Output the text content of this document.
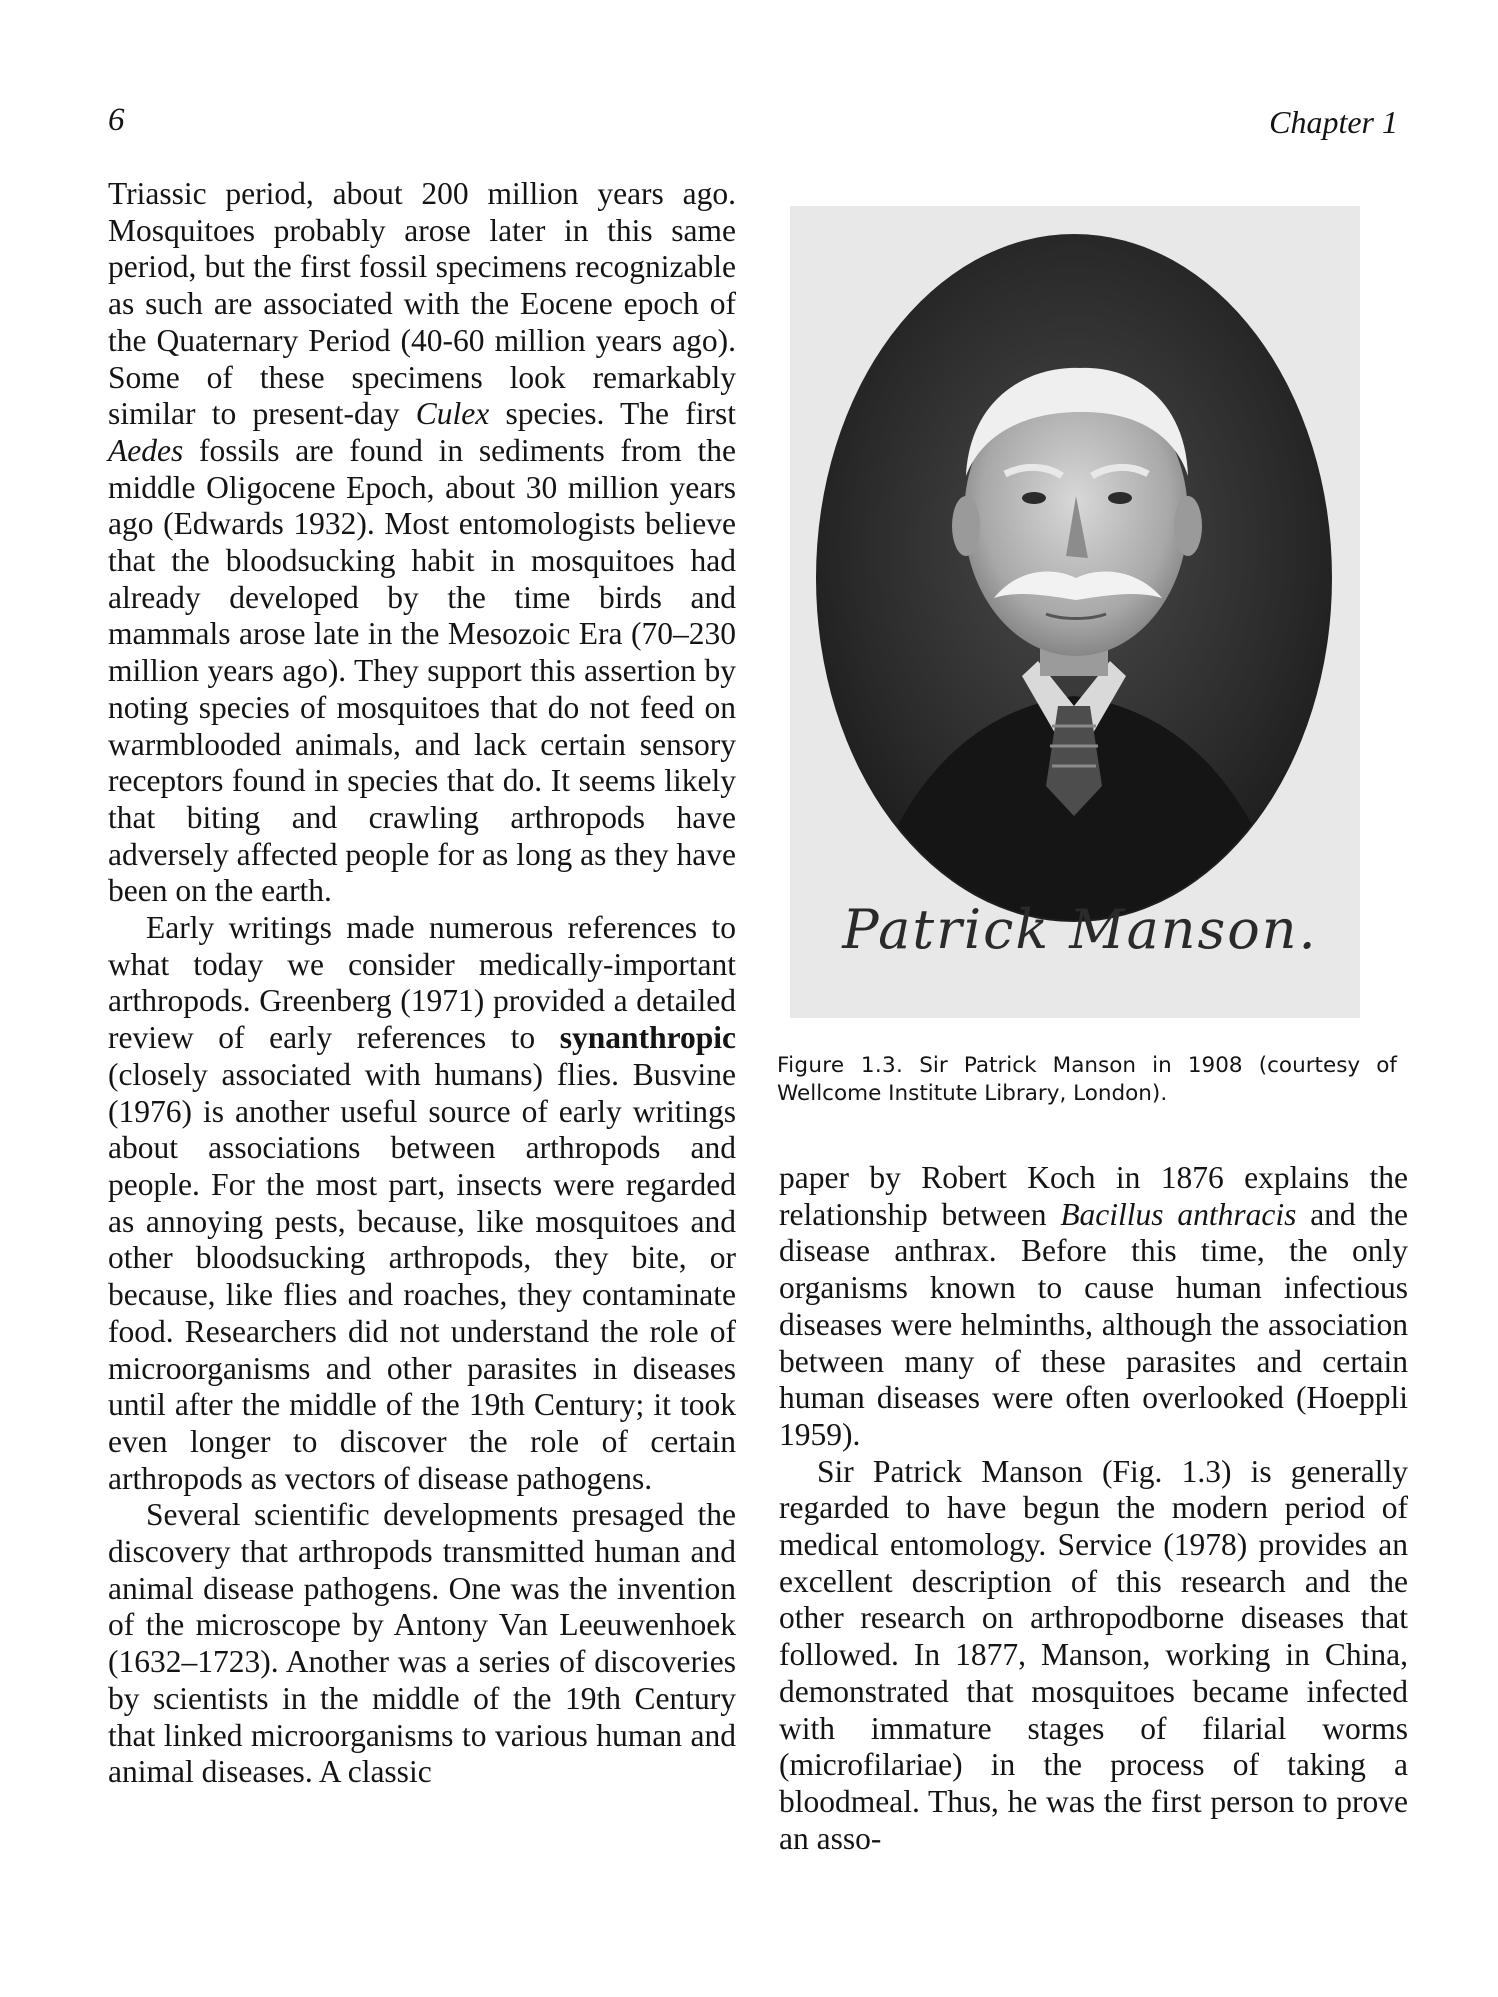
6	Chapter 1

Triassic period, about 200 million years ago. Mosquitoes probably arose later in this same period, but the first fossil specimens recognizable as such are associated with the Eocene epoch of the Quaternary Period (40-60 million years ago). Some of these specimens look remarkably similar to present-day Culex species. The first Aedes fossils are found in sediments from the middle Oligocene Epoch, about 30 million years ago (Edwards 1932). Most entomologists believe that the bloodsucking habit in mosquitoes had already developed by the time birds and mammals arose late in the Mesozoic Era (70–230 million years ago). They support this assertion by noting species of mosquitoes that do not feed on warmblooded animals, and lack certain sensory receptors found in species that do. It seems likely that biting and crawling arthropods have adversely affected people for as long as they have been on the earth.

Early writings made numerous references to what today we consider medically-important arthropods. Greenberg (1971) provided a detailed review of early references to synanthropic (closely associated with humans) flies. Busvine (1976) is another useful source of early writings about associations between arthropods and people. For the most part, insects were regarded as annoying pests, because, like mosquitoes and other bloodsucking arthropods, they bite, or because, like flies and roaches, they contaminate food. Researchers did not understand the role of microorganisms and other parasites in diseases until after the middle of the 19th Century; it took even longer to discover the role of certain arthropods as vectors of disease pathogens.

Several scientific developments presaged the discovery that arthropods transmitted human and animal disease pathogens. One was the invention of the microscope by Antony Van Leeuwenhoek (1632–1723). Another was a series of discoveries by scientists in the middle of the 19th Century that linked microorganisms to various human and animal diseases. A classic

Patrick Manson.
Figure 1.3. Sir Patrick Manson in 1908 (courtesy of Wellcome Institute Library, London).

paper by Robert Koch in 1876 explains the relationship between Bacillus anthracis and the disease anthrax. Before this time, the only organisms known to cause human infectious diseases were helminths, although the association between many of these parasites and certain human diseases were often overlooked (Hoeppli 1959).

Sir Patrick Manson (Fig. 1.3) is generally regarded to have begun the modern period of medical entomology. Service (1978) provides an excellent description of this research and the other research on arthropodborne diseases that followed. In 1877, Manson, working in China, demonstrated that mosquitoes became infected with immature stages of filarial worms (microfilariae) in the process of taking a bloodmeal. Thus, he was the first person to prove an asso-
